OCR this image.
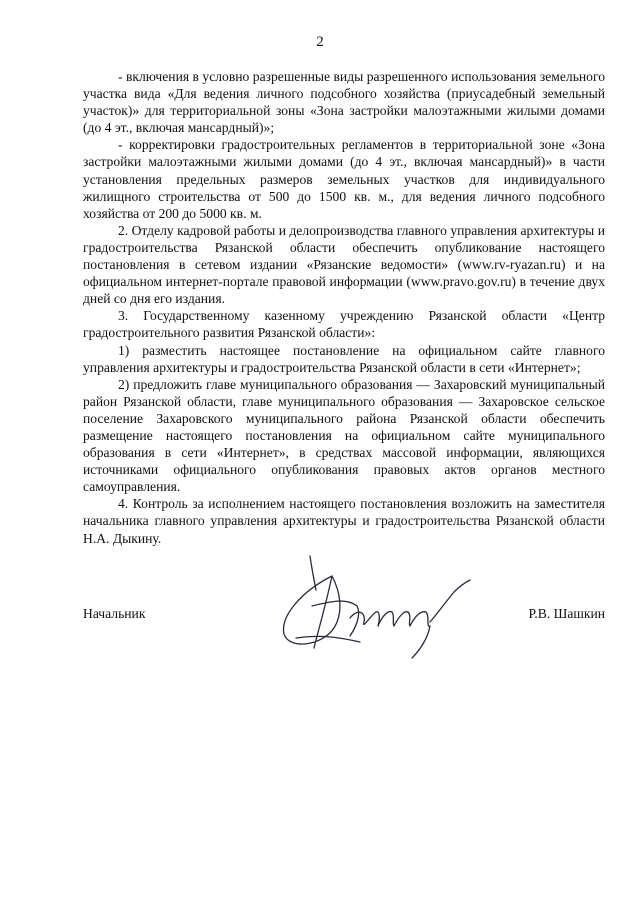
2

- включения в условно разрешенные виды разрешенного использования земельного участка вида «Для ведения личного подсобного хозяйства (приусадебный земельный участок)» для территориальной зоны «Зона застройки малоэтажными жилыми домами (до 4 эт., включая мансардный)»;

- корректировки градостроительных регламентов в территориальной зоне «Зона застройки малоэтажными жилыми домами (до 4 эт., включая мансардный)» в части установления предельных размеров земельных участков для индивидуального жилищного строительства от 500 до 1500 кв. м., для ведения личного подсобного хозяйства от 200 до 5000 кв. м.

2. Отделу кадровой работы и делопроизводства главного управления архитектуры и градостроительства Рязанской области обеспечить опубликование настоящего постановления в сетевом издании «Рязанские ведомости» (www.rv-ryazan.ru) и на официальном интернет-портале правовой информации (www.pravo.gov.ru) в течение двух дней со дня его издания.

3. Государственному казенному учреждению Рязанской области «Центр градостроительного развития Рязанской области»:

1) разместить настоящее постановление на официальном сайте главного управления архитектуры и градостроительства Рязанской области в сети «Интернет»;

2) предложить главе муниципального образования — Захаровский муниципальный район Рязанской области, главе муниципального образования — Захаровское сельское поселение Захаровского муниципального района Рязанской области обеспечить размещение настоящего постановления на официальном сайте муниципального образования в сети «Интернет», в средствах массовой информации, являющихся источниками официального опубликования правовых актов органов местного самоуправления.

4. Контроль за исполнением настоящего постановления возложить на заместителя начальника главного управления архитектуры и градостроительства Рязанской области Н.А. Дыкину.

Начальник	Р.В. Шашкин
